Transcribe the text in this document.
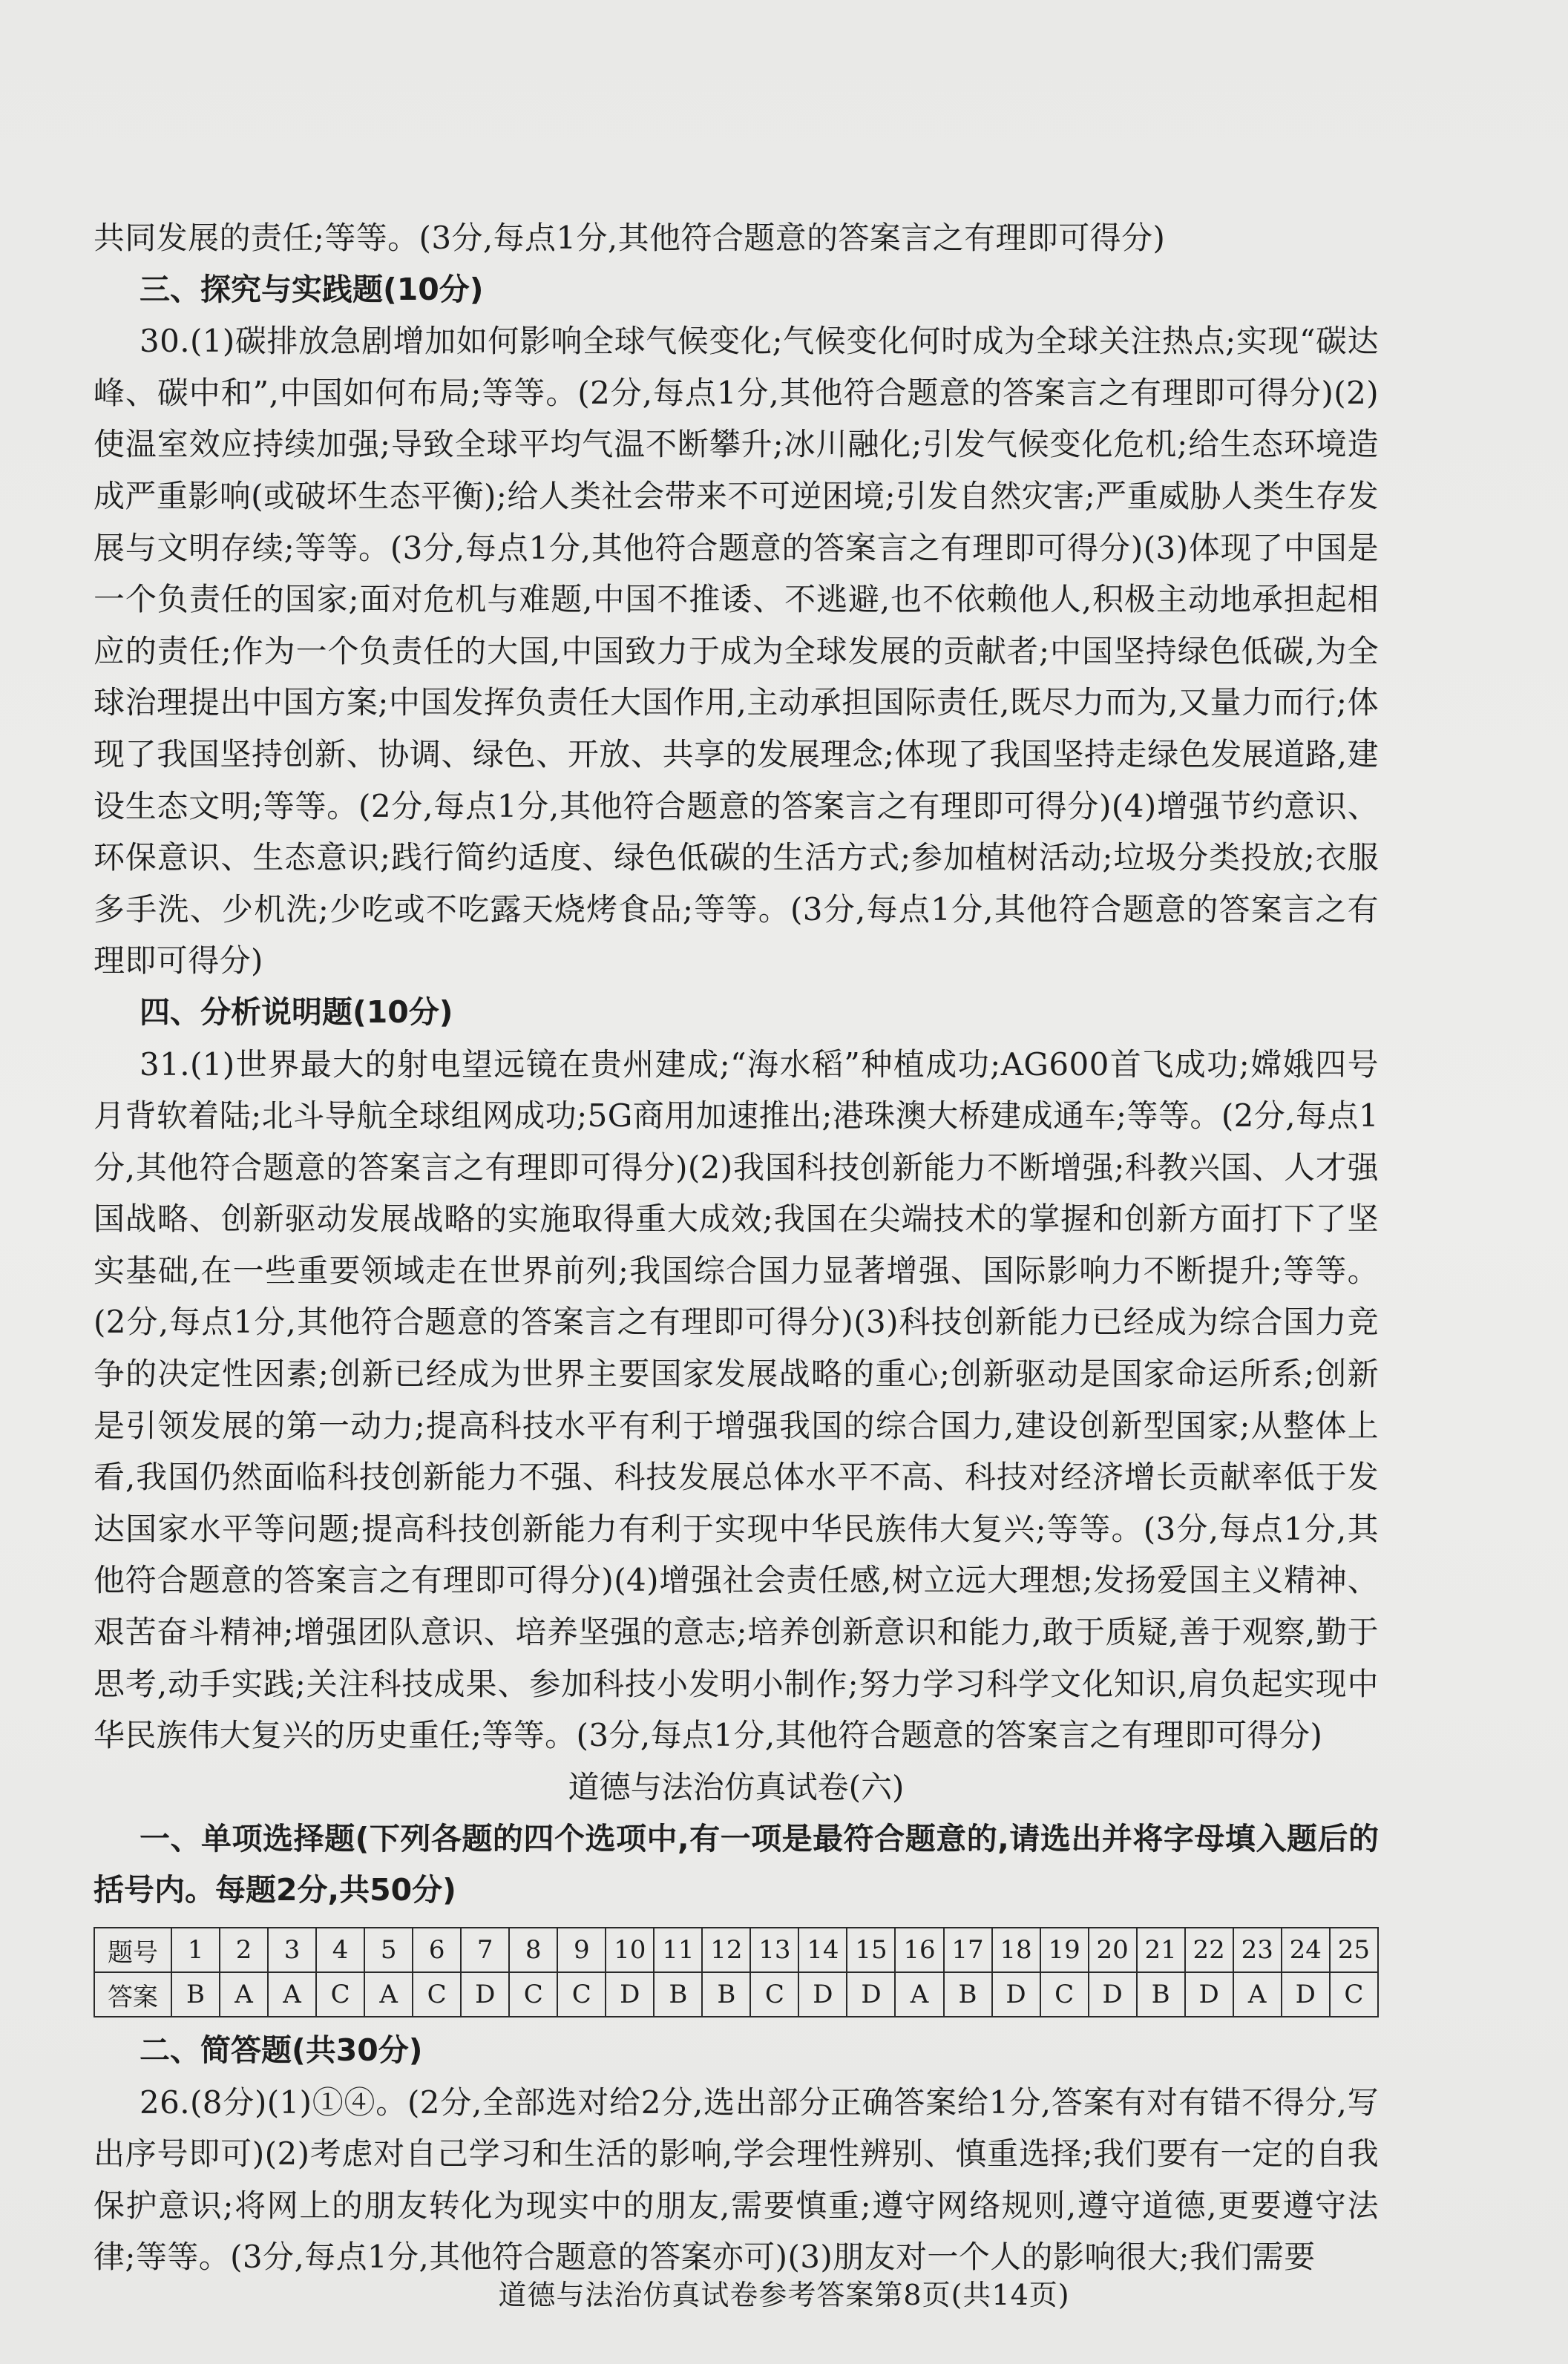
共同发展的责任;等等。(3分,每点1分,其他符合题意的答案言之有理即可得分)

三、探究与实践题(10分)

30.(1)碳排放急剧增加如何影响全球气候变化;气候变化何时成为全球关注热点;实现“碳达峰、碳中和”,中国如何布局;等等。(2分,每点1分,其他符合题意的答案言之有理即可得分)(2)使温室效应持续加强;导致全球平均气温不断攀升;冰川融化;引发气候变化危机;给生态环境造成严重影响(或破坏生态平衡);给人类社会带来不可逆困境;引发自然灾害;严重威胁人类生存发展与文明存续;等等。(3分,每点1分,其他符合题意的答案言之有理即可得分)(3)体现了中国是一个负责任的国家;面对危机与难题,中国不推诿、不逃避,也不依赖他人,积极主动地承担起相应的责任;作为一个负责任的大国,中国致力于成为全球发展的贡献者;中国坚持绿色低碳,为全球治理提出中国方案;中国发挥负责任大国作用,主动承担国际责任,既尽力而为,又量力而行;体现了我国坚持创新、协调、绿色、开放、共享的发展理念;体现了我国坚持走绿色发展道路,建设生态文明;等等。(2分,每点1分,其他符合题意的答案言之有理即可得分)(4)增强节约意识、环保意识、生态意识;践行简约适度、绿色低碳的生活方式;参加植树活动;垃圾分类投放;衣服多手洗、少机洗;少吃或不吃露天烧烤食品;等等。(3分,每点1分,其他符合题意的答案言之有理即可得分)

四、分析说明题(10分)

31.(1)世界最大的射电望远镜在贵州建成;“海水稻”种植成功;AG600首飞成功;嫦娥四号月背软着陆;北斗导航全球组网成功;5G商用加速推出;港珠澳大桥建成通车;等等。(2分,每点1分,其他符合题意的答案言之有理即可得分)(2)我国科技创新能力不断增强;科教兴国、人才强国战略、创新驱动发展战略的实施取得重大成效;我国在尖端技术的掌握和创新方面打下了坚实基础,在一些重要领域走在世界前列;我国综合国力显著增强、国际影响力不断提升;等等。(2分,每点1分,其他符合题意的答案言之有理即可得分)(3)科技创新能力已经成为综合国力竞争的决定性因素;创新已经成为世界主要国家发展战略的重心;创新驱动是国家命运所系;创新是引领发展的第一动力;提高科技水平有利于增强我国的综合国力,建设创新型国家;从整体上看,我国仍然面临科技创新能力不强、科技发展总体水平不高、科技对经济增长贡献率低于发达国家水平等问题;提高科技创新能力有利于实现中华民族伟大复兴;等等。(3分,每点1分,其他符合题意的答案言之有理即可得分)(4)增强社会责任感,树立远大理想;发扬爱国主义精神、艰苦奋斗精神;增强团队意识、培养坚强的意志;培养创新意识和能力,敢于质疑,善于观察,勤于思考,动手实践;关注科技成果、参加科技小发明小制作;努力学习科学文化知识,肩负起实现中华民族伟大复兴的历史重任;等等。(3分,每点1分,其他符合题意的答案言之有理即可得分)

道德与法治仿真试卷(六)

一、单项选择题(下列各题的四个选项中,有一项是最符合题意的,请选出并将字母填入题后的括号内。每题2分,共50分)

题号	1	2	3	4	5	6	7	8	9	10	11	12	13	14	15	16	17	18	19	20	21	22	23	24	25
答案	B	A	A	C	A	C	D	C	C	D	B	B	C	D	D	A	B	D	C	D	B	D	A	D	C

二、简答题(共30分)

26.(8分)(1)①④。(2分,全部选对给2分,选出部分正确答案给1分,答案有对有错不得分,写出序号即可)(2)考虑对自己学习和生活的影响,学会理性辨别、慎重选择;我们要有一定的自我保护意识;将网上的朋友转化为现实中的朋友,需要慎重;遵守网络规则,遵守道德,更要遵守法律;等等。(3分,每点1分,其他符合题意的答案亦可)(3)朋友对一个人的影响很大;我们需要

道德与法治仿真试卷参考答案第8页(共14页)
